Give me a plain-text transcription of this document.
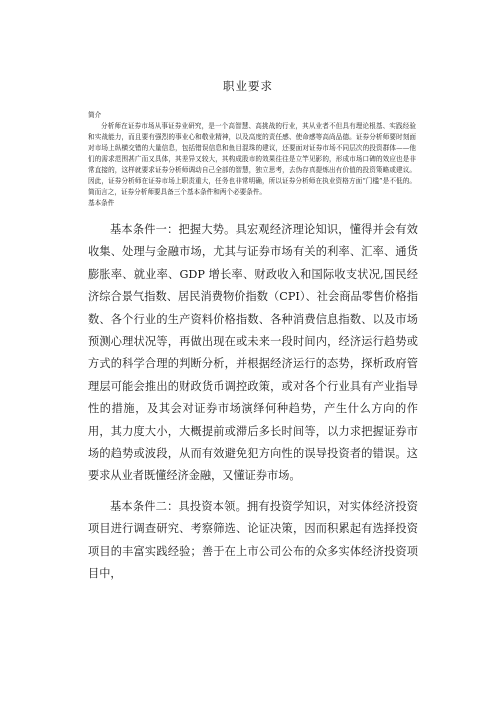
职业要求

简介

分析师在证券市场从事证券业研究，是一个高智慧、高挑战的行业，其从业者不但具有理论根基、实践经验和实战能力，而且要有强烈的事业心和敬业精神，以及高度的责任感、使命感等高尚品德。证券分析师要时刻面对市场上纵横交错的大量信息，包括错误信息和鱼目混珠的建议，还要面对证券市场不同层次的投资群体——他们的需求范围甚广而又具体，其差异又较大，其构成股市的效果往往是立竿见影的，形成市场口碑的效应也是非常直接的，这样就要求证券分析师调动自己全部的智慧，独立思考，去伪存真提炼出有价值的投资策略或建议。因此，证券分析师在证券市场上职责重大，任务也非常明确，所以证券分析师在执业资格方面“门槛”是不低的。简而言之，证券分析师要具备三个基本条件和两个必要条件。

基本条件

基本条件一：把握大势。具宏观经济理论知识，懂得并会有效收集、处理与金融市场，尤其与证券市场有关的利率、汇率、通货膨胀率、就业率、GDP 增长率、财政收入和国际收支状况,国民经济综合景气指数、居民消费物价指数（CPI）、社会商品零售价格指数、各个行业的生产资料价格指数、各种消费信息指数、以及市场预测心理状况等，再做出现在或未来一段时间内，经济运行趋势或方式的科学合理的判断分析，并根据经济运行的态势，探析政府管理层可能会推出的财政货币调控政策，或对各个行业具有产业指导性的措施，及其会对证券市场演绎何种趋势，产生什么方向的作用，其力度大小，大概提前或滞后多长时间等，以力求把握证券市场的趋势或波段，从而有效避免犯方向性的误导投资者的错误。这要求从业者既懂经济金融，又懂证券市场。

基本条件二：具投资本领。拥有投资学知识，对实体经济投资项目进行调查研究、考察筛选、论证决策，因而积累起有选择投资项目的丰富实践经验；善于在上市公司公布的众多实体经济投资项目中，
